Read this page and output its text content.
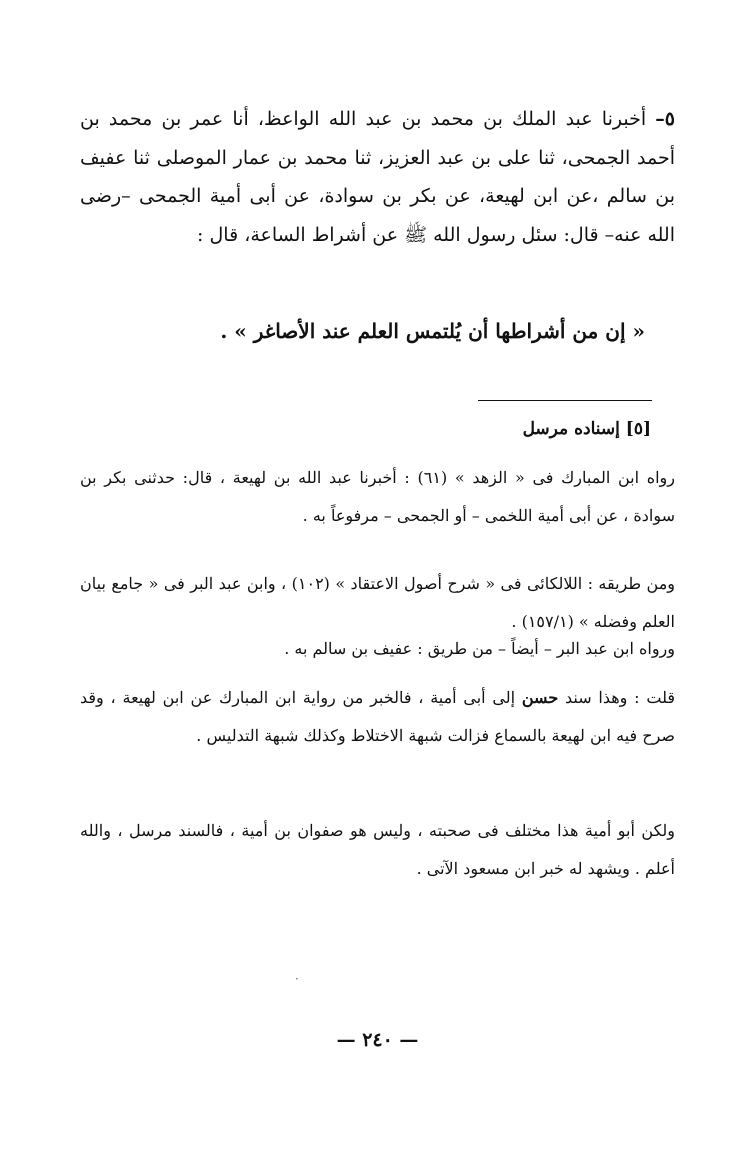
٥– أخبرنا عبد الملك بن محمد بن عبد الله الواعظ، أنا عمر بن محمد بن أحمد الجمحى، ثنا على بن عبد العزيز، ثنا محمد بن عمار الموصلى ثنا عفيف بن سالم ،عن ابن لهيعة، عن بكر بن سوادة، عن أبى أمية الجمحى –رضى الله عنه– قال: سئل رسول الله ﷺ عن أشراط الساعة، قال :
« إن من أشراطها أن يُلتمس العلم عند الأصاغر » .
[٥] إسناده مرسل

رواه ابن المبارك فى « الزهد » (٦١) : أخبرنا عبد الله بن لهيعة ، قال: حدثنى بكر بن سوادة ، عن أبى أمية اللخمى – أو الجمحى – مرفوعاً به .

ومن طريقه : اللالكائى فى « شرح أصول الاعتقاد » (١٠٢) ، وابن عبد البر فى « جامع بيان العلم وفضله » (١٥٧/١) .

ورواه ابن عبد البر – أيضاً – من طريق : عفيف بن سالم به .

قلت : وهذا سند حسن إلى أبى أمية ، فالخبر من رواية ابن المبارك عن ابن لهيعة ، وقد صرح فيه ابن لهيعة بالسماع فزالت شبهة الاختلاط وكذلك شبهة التدليس .

ولكن أبو أمية هذا مختلف فى صحبته ، وليس هو صفوان بن أمية ، فالسند مرسل ، والله أعلم . ويشهد له خبر ابن مسعود الآتى .

·
— ٢٤٠ —
